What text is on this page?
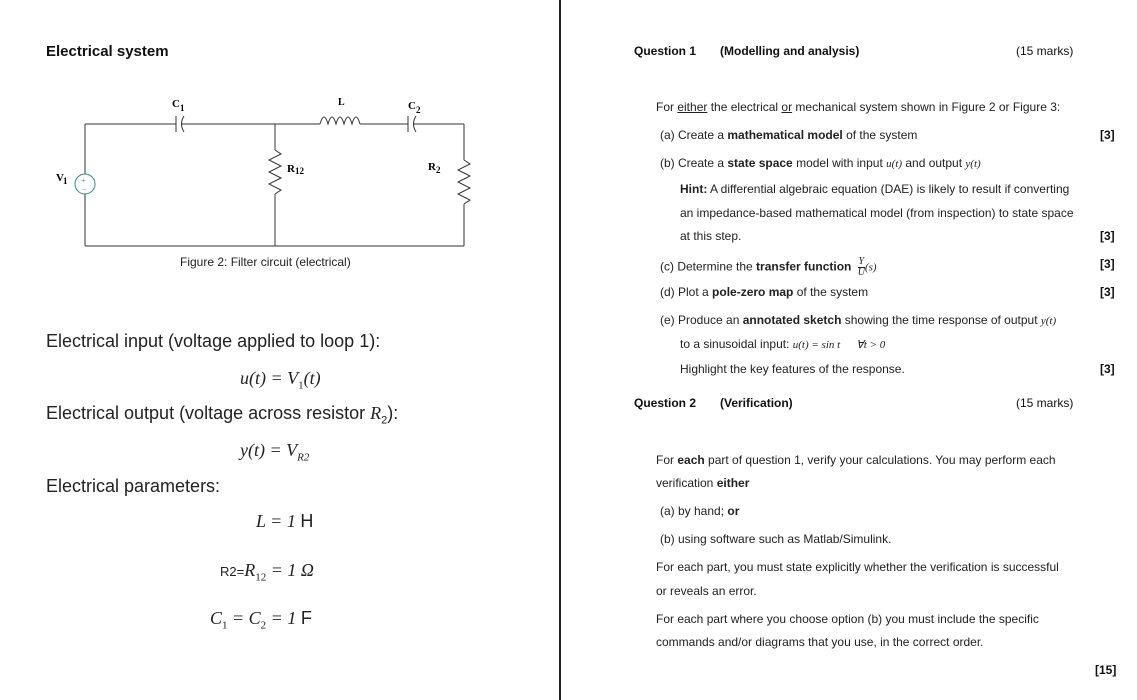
Electrical system
+
−
C 1	L	C 2
V 1
R 12	R 2
Figure 2: Filter circuit (electrical)
Electrical input (voltage applied to loop 1):
$u(t) = V_1(t)$
Electrical output (voltage across resistor $R_2$):
$y(t) = V_{R2}$
Electrical parameters:
L = 1 H
$R2=R_{12} = 1$ Ω
$C_1 = C_2 = 1$ F
Question 1 (Modelling and analysis)	(15 marks)
For either the electrical or mechanical system shown in Figure 2 or Figure 3:
(a) Create a mathematical model of the system	[3]
(b) Create a state space model with input u(t) and output y(t)
Hint: A differential algebraic equation (DAE) is likely to result if converting
an impedance-based mathematical model (from inspection) to state space
at this step.	[3]
(c) Determine the transfer function $\frac{Y}{U} (s)$	[3]
(d) Plot a pole-zero map of the system	[3]
(e) Produce an annotated sketch showing the time response of output y(t)
to a sinusoidal input: u(t) = sin t ∀t > 0
Highlight the key features of the response.	[3]
Question 2 (Verification)	(15 marks)
For each part of question 1, verify your calculations. You may perform each
verification either
(a) by hand; or
(b) using software such as Matlab/Simulink.
For each part, you must state explicitly whether the verification is successful
or reveals an error.
For each part where you choose option (b) you must include the specific
commands and/or diagrams that you use, in the correct order.
[15]
